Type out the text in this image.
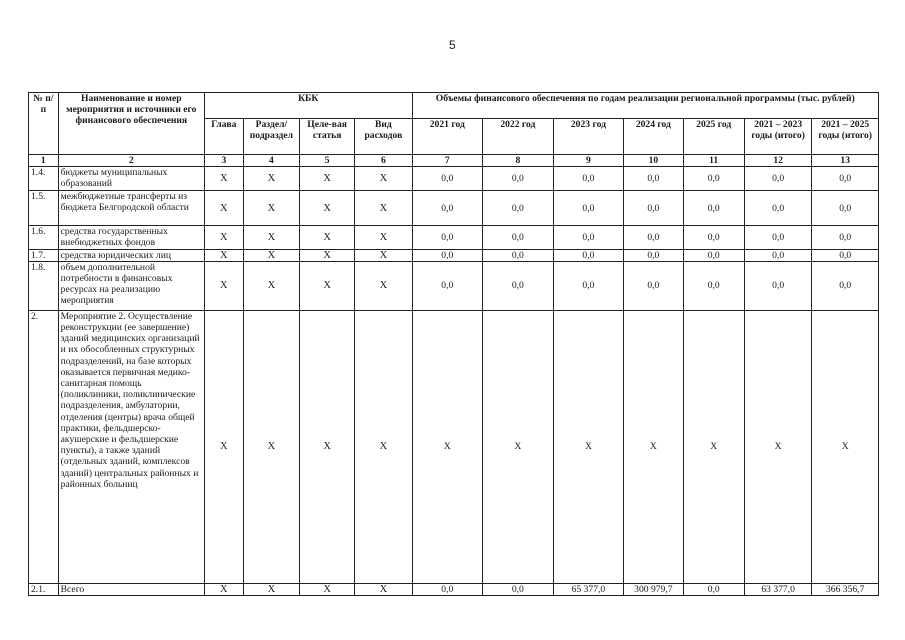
5
№ п/п	Наименование и номер мероприятия и источники его финансового обеспечения	КБК				Объемы финансового обеспечения по годам реализации региональной программы (тыс. рублей)						
		Глава	Раздел/ подраздел	Целе-вая статья	Вид расходов	2021 год	2022 год	2023 год	2024 год	2025 год	2021 – 2023 годы (итого)	2021 – 2025 годы (итого)
1	2	3	4	5	6	7	8	9	10	11	12	13
1.4.	бюджеты муниципальных образований	Х	Х	Х	Х	0,0	0,0	0,0	0,0	0,0	0,0	0,0
1.5.	межбюджетные трансферты из бюджета Белгородской области	Х	Х	Х	Х	0,0	0,0	0,0	0,0	0,0	0,0	0,0
1.6.	средства государственных внебюджетных фондов	Х	Х	Х	Х	0,0	0,0	0,0	0,0	0,0	0,0	0,0
1.7.	средства юридических лиц	Х	Х	Х	Х	0,0	0,0	0,0	0,0	0,0	0,0	0,0
1.8.	объем дополнительной потребности в финансовых ресурсах на реализацию мероприятия	Х	Х	Х	Х	0,0	0,0	0,0	0,0	0,0	0,0	0,0
2.	Мероприятие 2. Осуществление реконструкции (ее завершение) зданий медицинских организаций и их обособленных структурных подразделений, на базе которых оказывается первичная медико-санитарная помощь (поликлиники, поликлинические подразделения, амбулатории, отделения (центры) врача общей практики, фельдшерско-акушерские и фельдшерские пункты), а также зданий (отдельных зданий, комплексов зданий) центральных районных и районных больниц	Х	Х	Х	Х	Х	Х	Х	Х	Х	Х	Х
2.1.	Всего	Х	Х	Х	Х	0,0	0,0	65 377,0	300 979,7	0,0	63 377,0	366 356,7
